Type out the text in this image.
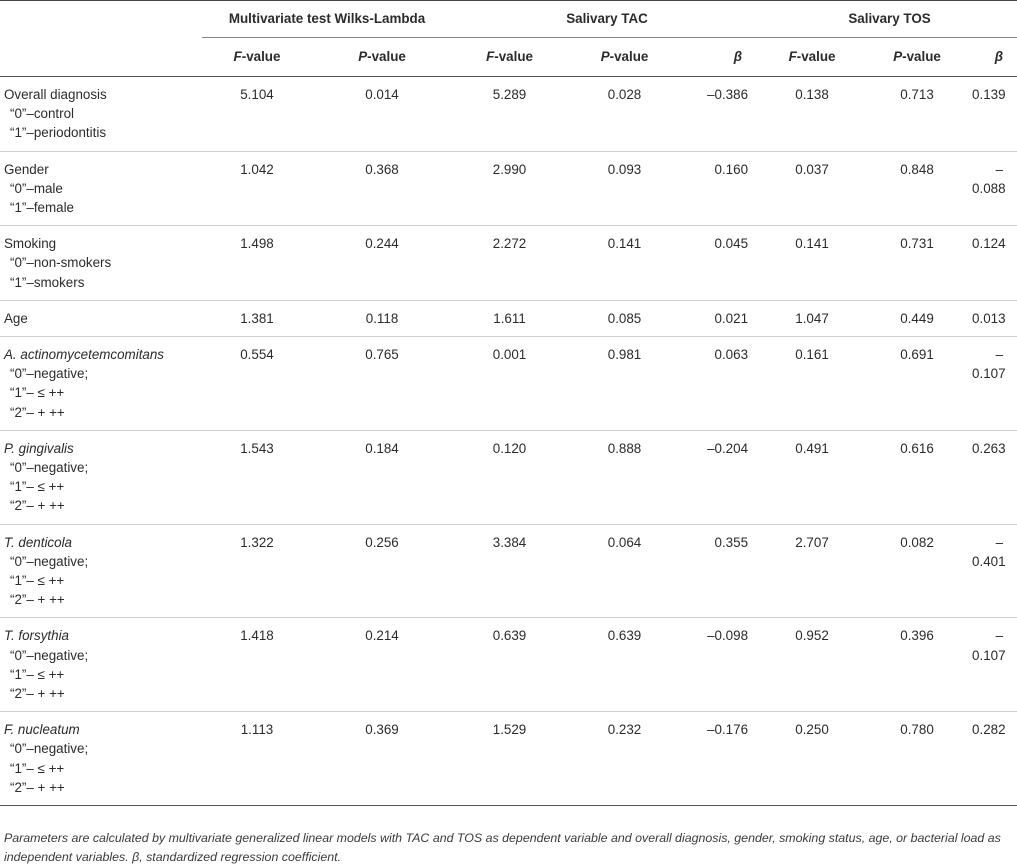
	Multivariate test Wilks-Lambda		Salivary TAC			Salivary TOS		
	F-value	P-value	F-value	P-value	β	F-value	P-value	β
Overall diagnosis
“0”–control
“1”–periodontitis	5.104	0.014	5.289	0.028	–0.386	0.138	0.713	0.139
Gender
“0”–male
“1”–female	1.042	0.368	2.990	0.093	0.160	0.037	0.848	–0.088
Smoking
“0”–non-smokers
“1”–smokers	1.498	0.244	2.272	0.141	0.045	0.141	0.731	0.124
Age	1.381	0.118	1.611	0.085	0.021	1.047	0.449	0.013
A. actinomycetemcomitans
“0”–negative;
“1”– ≤ ++
“2”– + ++	0.554	0.765	0.001	0.981	0.063	0.161	0.691	–0.107
P. gingivalis
“0”–negative;
“1”– ≤ ++
“2”– + ++	1.543	0.184	0.120	0.888	–0.204	0.491	0.616	0.263
T. denticola
“0”–negative;
“1”– ≤ ++
“2”– + ++	1.322	0.256	3.384	0.064	0.355	2.707	0.082	–0.401
T. forsythia
“0”–negative;
“1”– ≤ ++
“2”– + ++	1.418	0.214	0.639	0.639	–0.098	0.952	0.396	–0.107
F. nucleatum
“0”–negative;
“1”– ≤ ++
“2”– + ++	1.113	0.369	1.529	0.232	–0.176	0.250	0.780	0.282
Parameters are calculated by multivariate generalized linear models with TAC and TOS as dependent variable and overall diagnosis, gender, smoking status, age, or bacterial load as independent variables. β, standardized regression coefficient.
